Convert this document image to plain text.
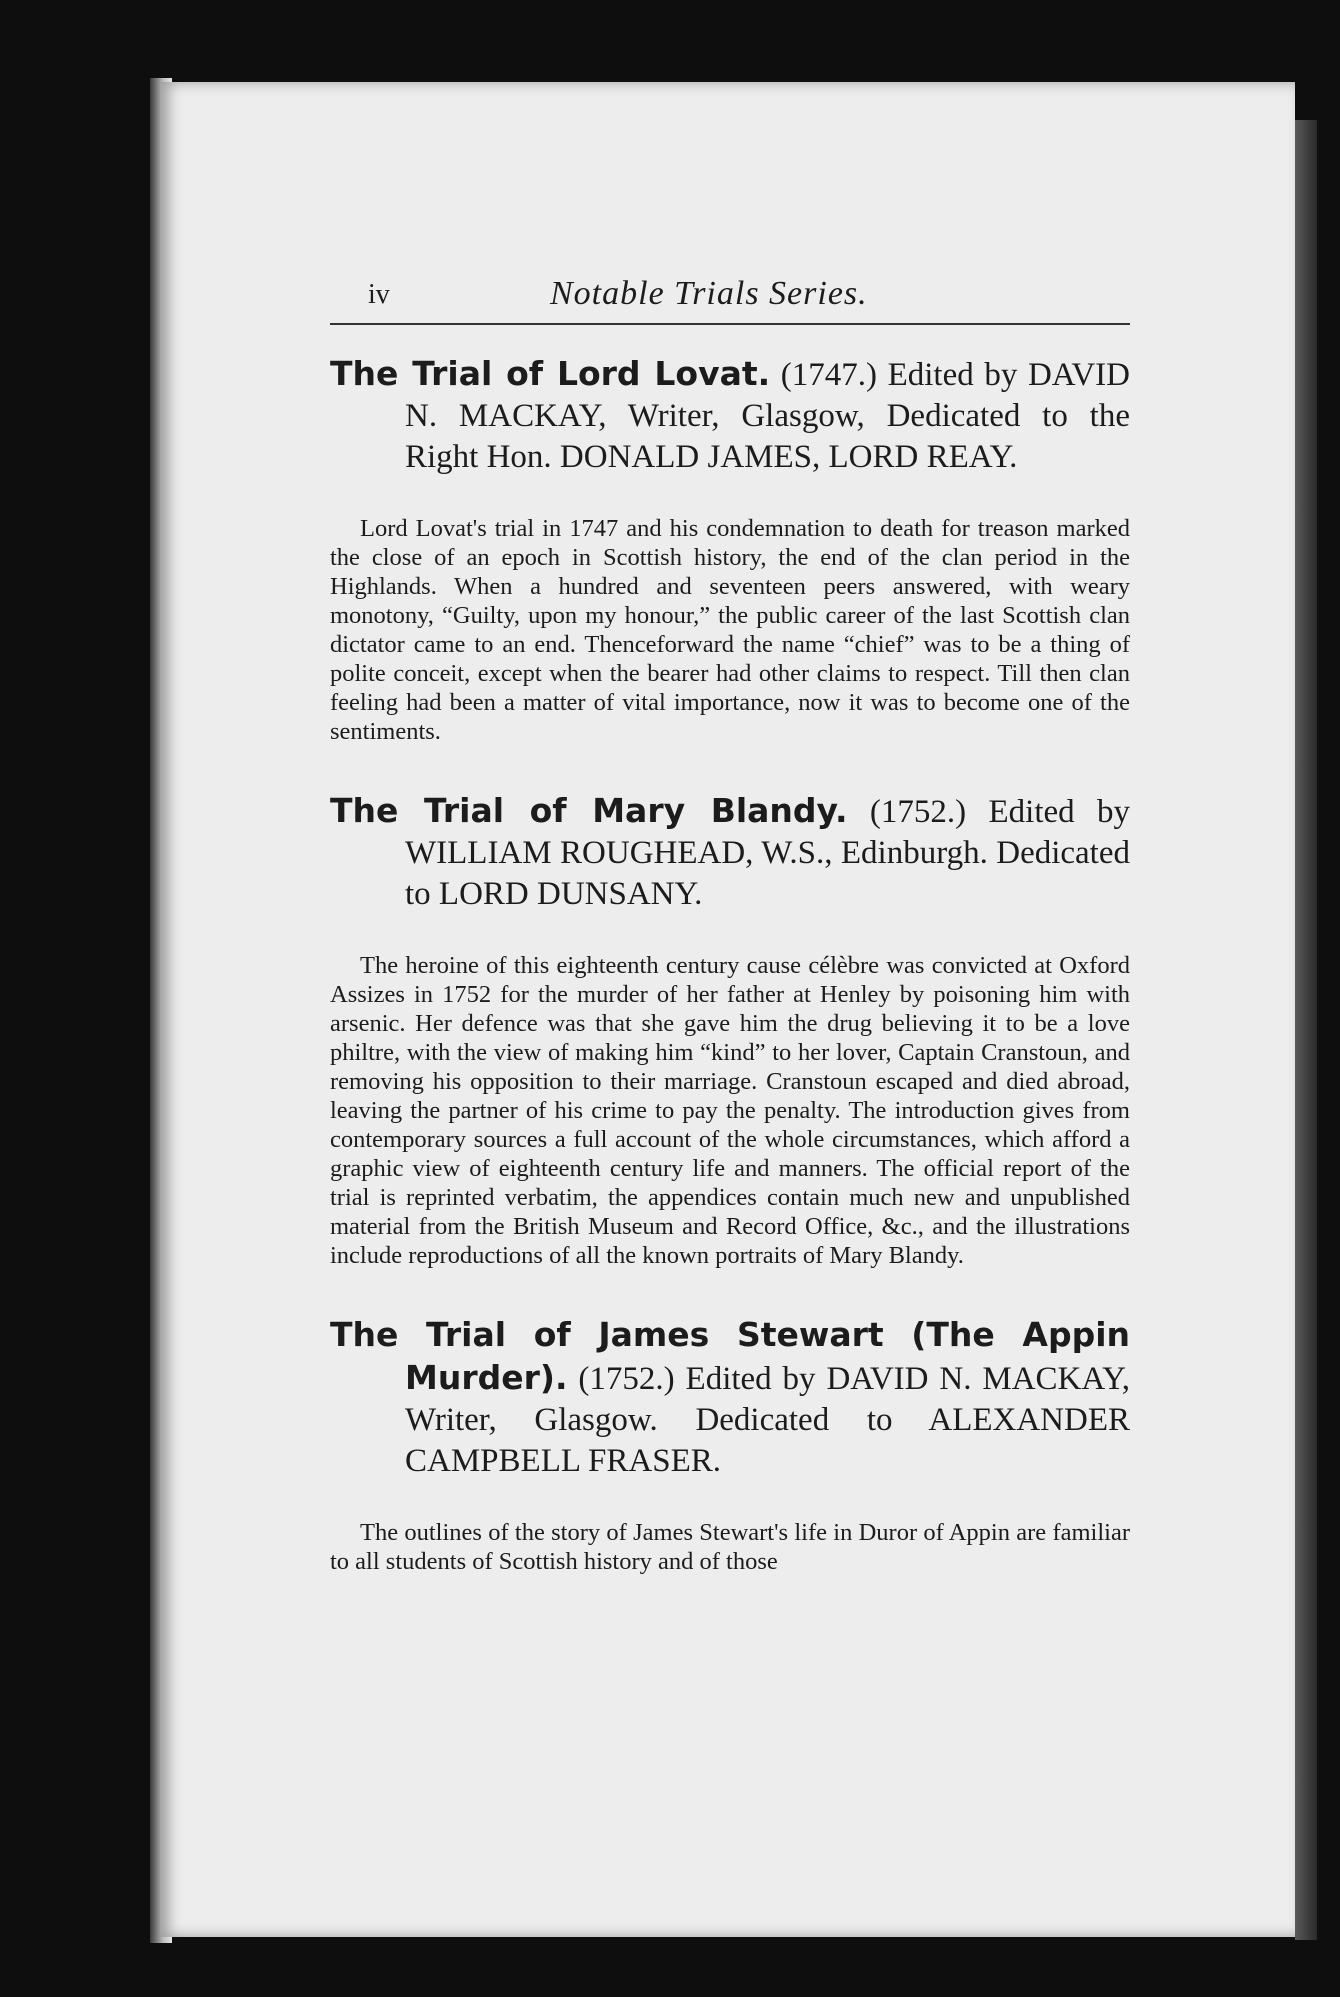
iv	Notable Trials Series.
The Trial of Lord Lovat. (1747.) Edited by DAVID N. MACKAY, Writer, Glasgow, Dedicated to the Right Hon. DONALD JAMES, LORD REAY.

Lord Lovat's trial in 1747 and his condemnation to death for treason marked the close of an epoch in Scottish history, the end of the clan period in the Highlands. When a hundred and seventeen peers answered, with weary monotony, “Guilty, upon my honour,” the public career of the last Scottish clan dictator came to an end. Thenceforward the name “chief” was to be a thing of polite conceit, except when the bearer had other claims to respect. Till then clan feeling had been a matter of vital importance, now it was to become one of the sentiments.

The Trial of Mary Blandy. (1752.) Edited by WILLIAM ROUGHEAD, W.S., Edinburgh. Dedicated to LORD DUNSANY.

The heroine of this eighteenth century cause célèbre was convicted at Oxford Assizes in 1752 for the murder of her father at Henley by poisoning him with arsenic. Her defence was that she gave him the drug believing it to be a love philtre, with the view of making him “kind” to her lover, Captain Cranstoun, and removing his opposition to their marriage. Cranstoun escaped and died abroad, leaving the partner of his crime to pay the penalty. The introduction gives from contemporary sources a full account of the whole circumstances, which afford a graphic view of eighteenth century life and manners. The official report of the trial is reprinted verbatim, the appendices contain much new and unpublished material from the British Museum and Record Office, &c., and the illustrations include reproductions of all the known portraits of Mary Blandy.

The Trial of James Stewart (The Appin Murder). (1752.) Edited by DAVID N. MACKAY, Writer, Glasgow. Dedicated to ALEXANDER CAMPBELL FRASER.

The outlines of the story of James Stewart's life in Duror of Appin are familiar to all students of Scottish history and of those
